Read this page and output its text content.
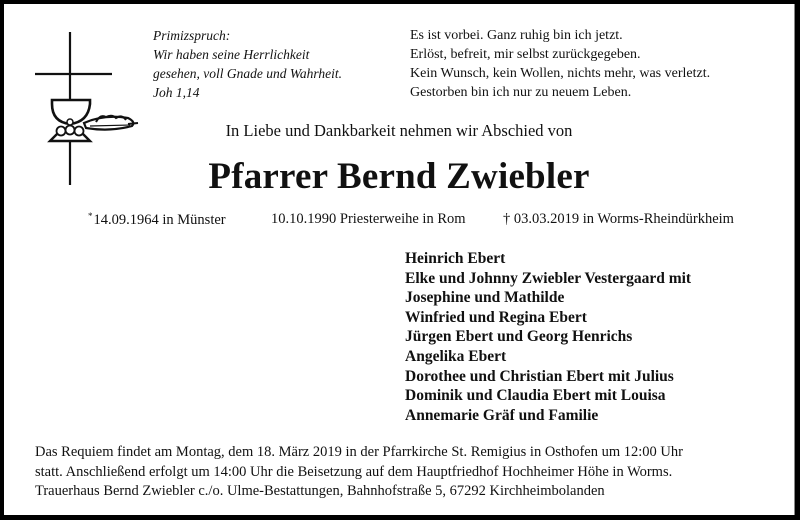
Primizspruch:
Wir haben seine Herrlichkeit
gesehen, voll Gnade und Wahrheit.
Joh 1,14
Es ist vorbei. Ganz ruhig bin ich jetzt.
Erlöst, befreit, mir selbst zurückgegeben.
Kein Wunsch, kein Wollen, nichts mehr, was verletzt.
Gestorben bin ich nur zu neuem Leben.
In Liebe und Dankbarkeit nehmen wir Abschied von
Pfarrer Bernd Zwiebler
*14.09.1964 in Münster	10.10.1990 Priesterweihe in Rom	† 03.03.2019 in Worms-Rheindürkheim
Heinrich Ebert
Elke und Johnny Zwiebler Vestergaard mit
Josephine und Mathilde
Winfried und Regina Ebert
Jürgen Ebert und Georg Henrichs
Angelika Ebert
Dorothee und Christian Ebert mit Julius
Dominik und Claudia Ebert mit Louisa
Annemarie Gräf und Familie
Das Requiem findet am Montag, dem 18. März 2019 in der Pfarrkirche St. Remigius in Osthofen um 12:00 Uhr
statt. Anschließend erfolgt um 14:00 Uhr die Beisetzung auf dem Hauptfriedhof Hochheimer Höhe in Worms.
Trauerhaus Bernd Zwiebler c./o. Ulme-Bestattungen, Bahnhofstraße 5, 67292 Kirchheimbolanden
